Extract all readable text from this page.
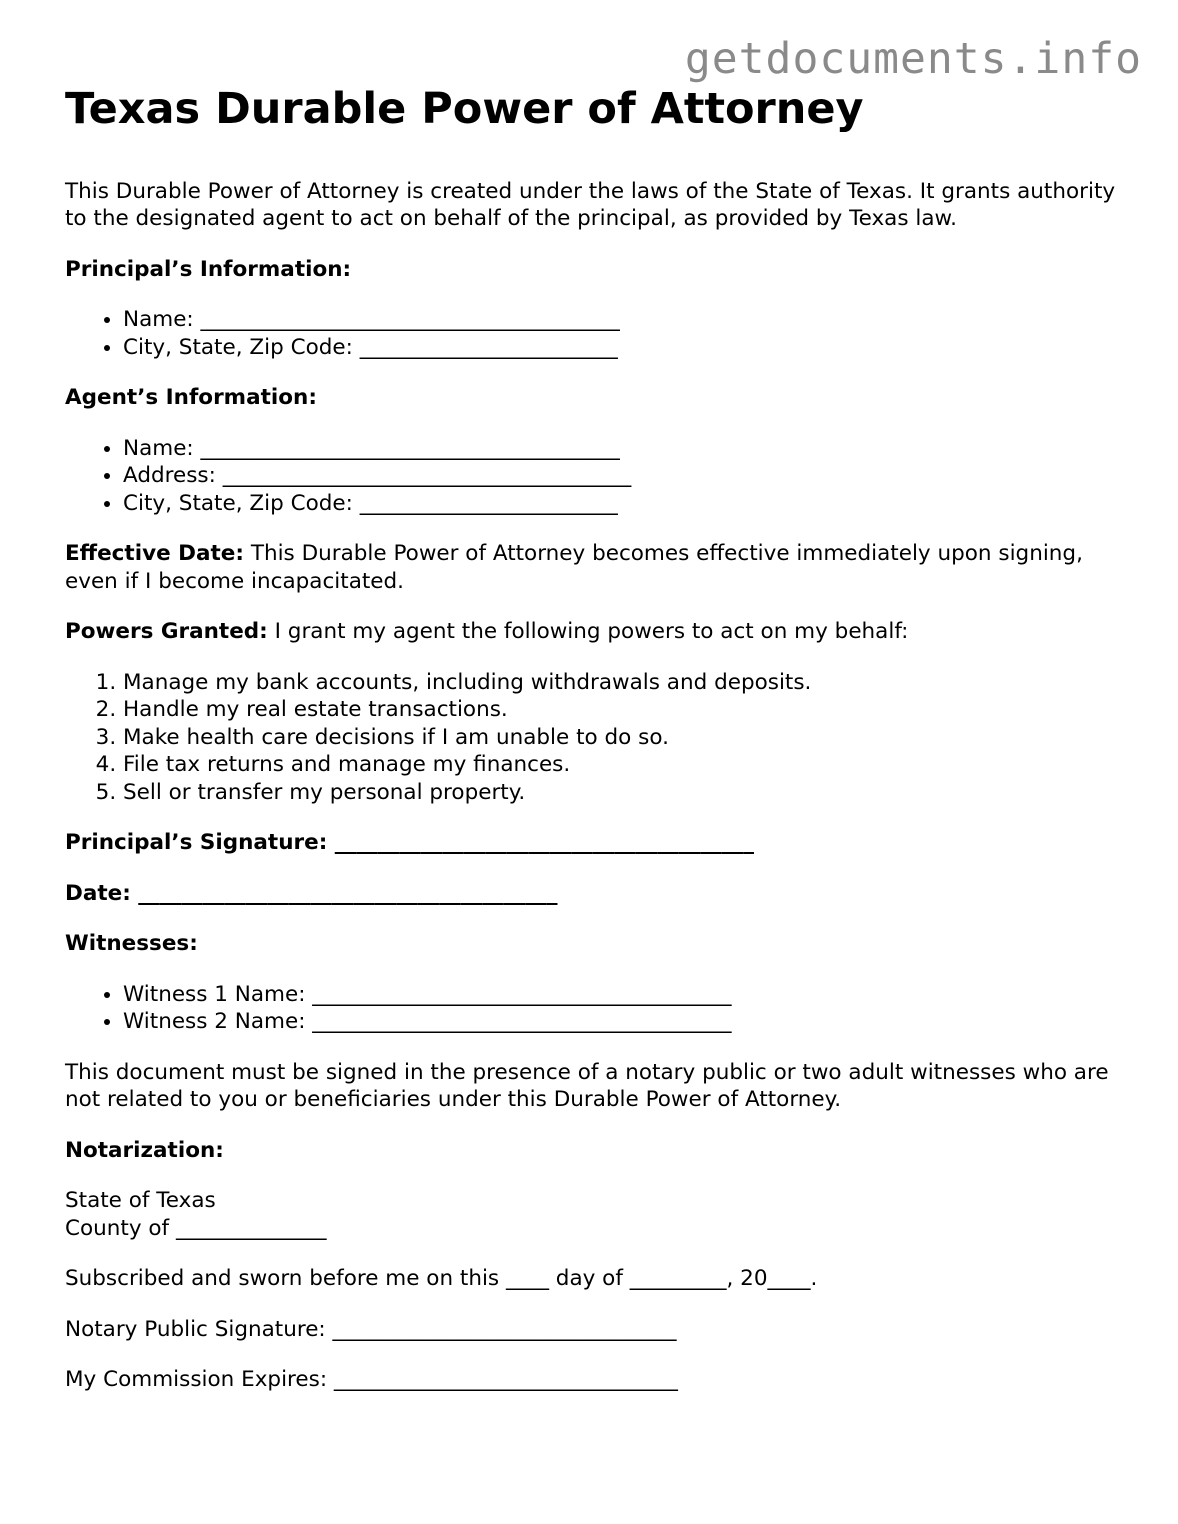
getdocuments.info
Texas Durable Power of Attorney

This Durable Power of Attorney is created under the laws of the State of Texas. It grants authority to the designated agent to act on behalf of the principal, as provided by Texas law.

Principal’s Information:

• Name: _______________________________________
• City, State, Zip Code: ________________________

Agent’s Information:

• Name: _______________________________________
• Address: ______________________________________
• City, State, Zip Code: ________________________

Effective Date: This Durable Power of Attorney becomes effective immediately upon signing, even if I become incapacitated.

Powers Granted: I grant my agent the following powers to act on my behalf:

1. Manage my bank accounts, including withdrawals and deposits.
2. Handle my real estate transactions.
3. Make health care decisions if I am unable to do so.
4. File tax returns and manage my finances.
5. Sell or transfer my personal property.

Principal’s Signature: _______________________________________

Date: _______________________________________

Witnesses:

• Witness 1 Name: _______________________________________
• Witness 2 Name: _______________________________________

This document must be signed in the presence of a notary public or two adult witnesses who are not related to you or beneficiaries under this Durable Power of Attorney.

Notarization:

State of Texas
County of ______________

Subscribed and sworn before me on this ____ day of _________, 20____.

Notary Public Signature: ________________________________

My Commission Expires: ________________________________
